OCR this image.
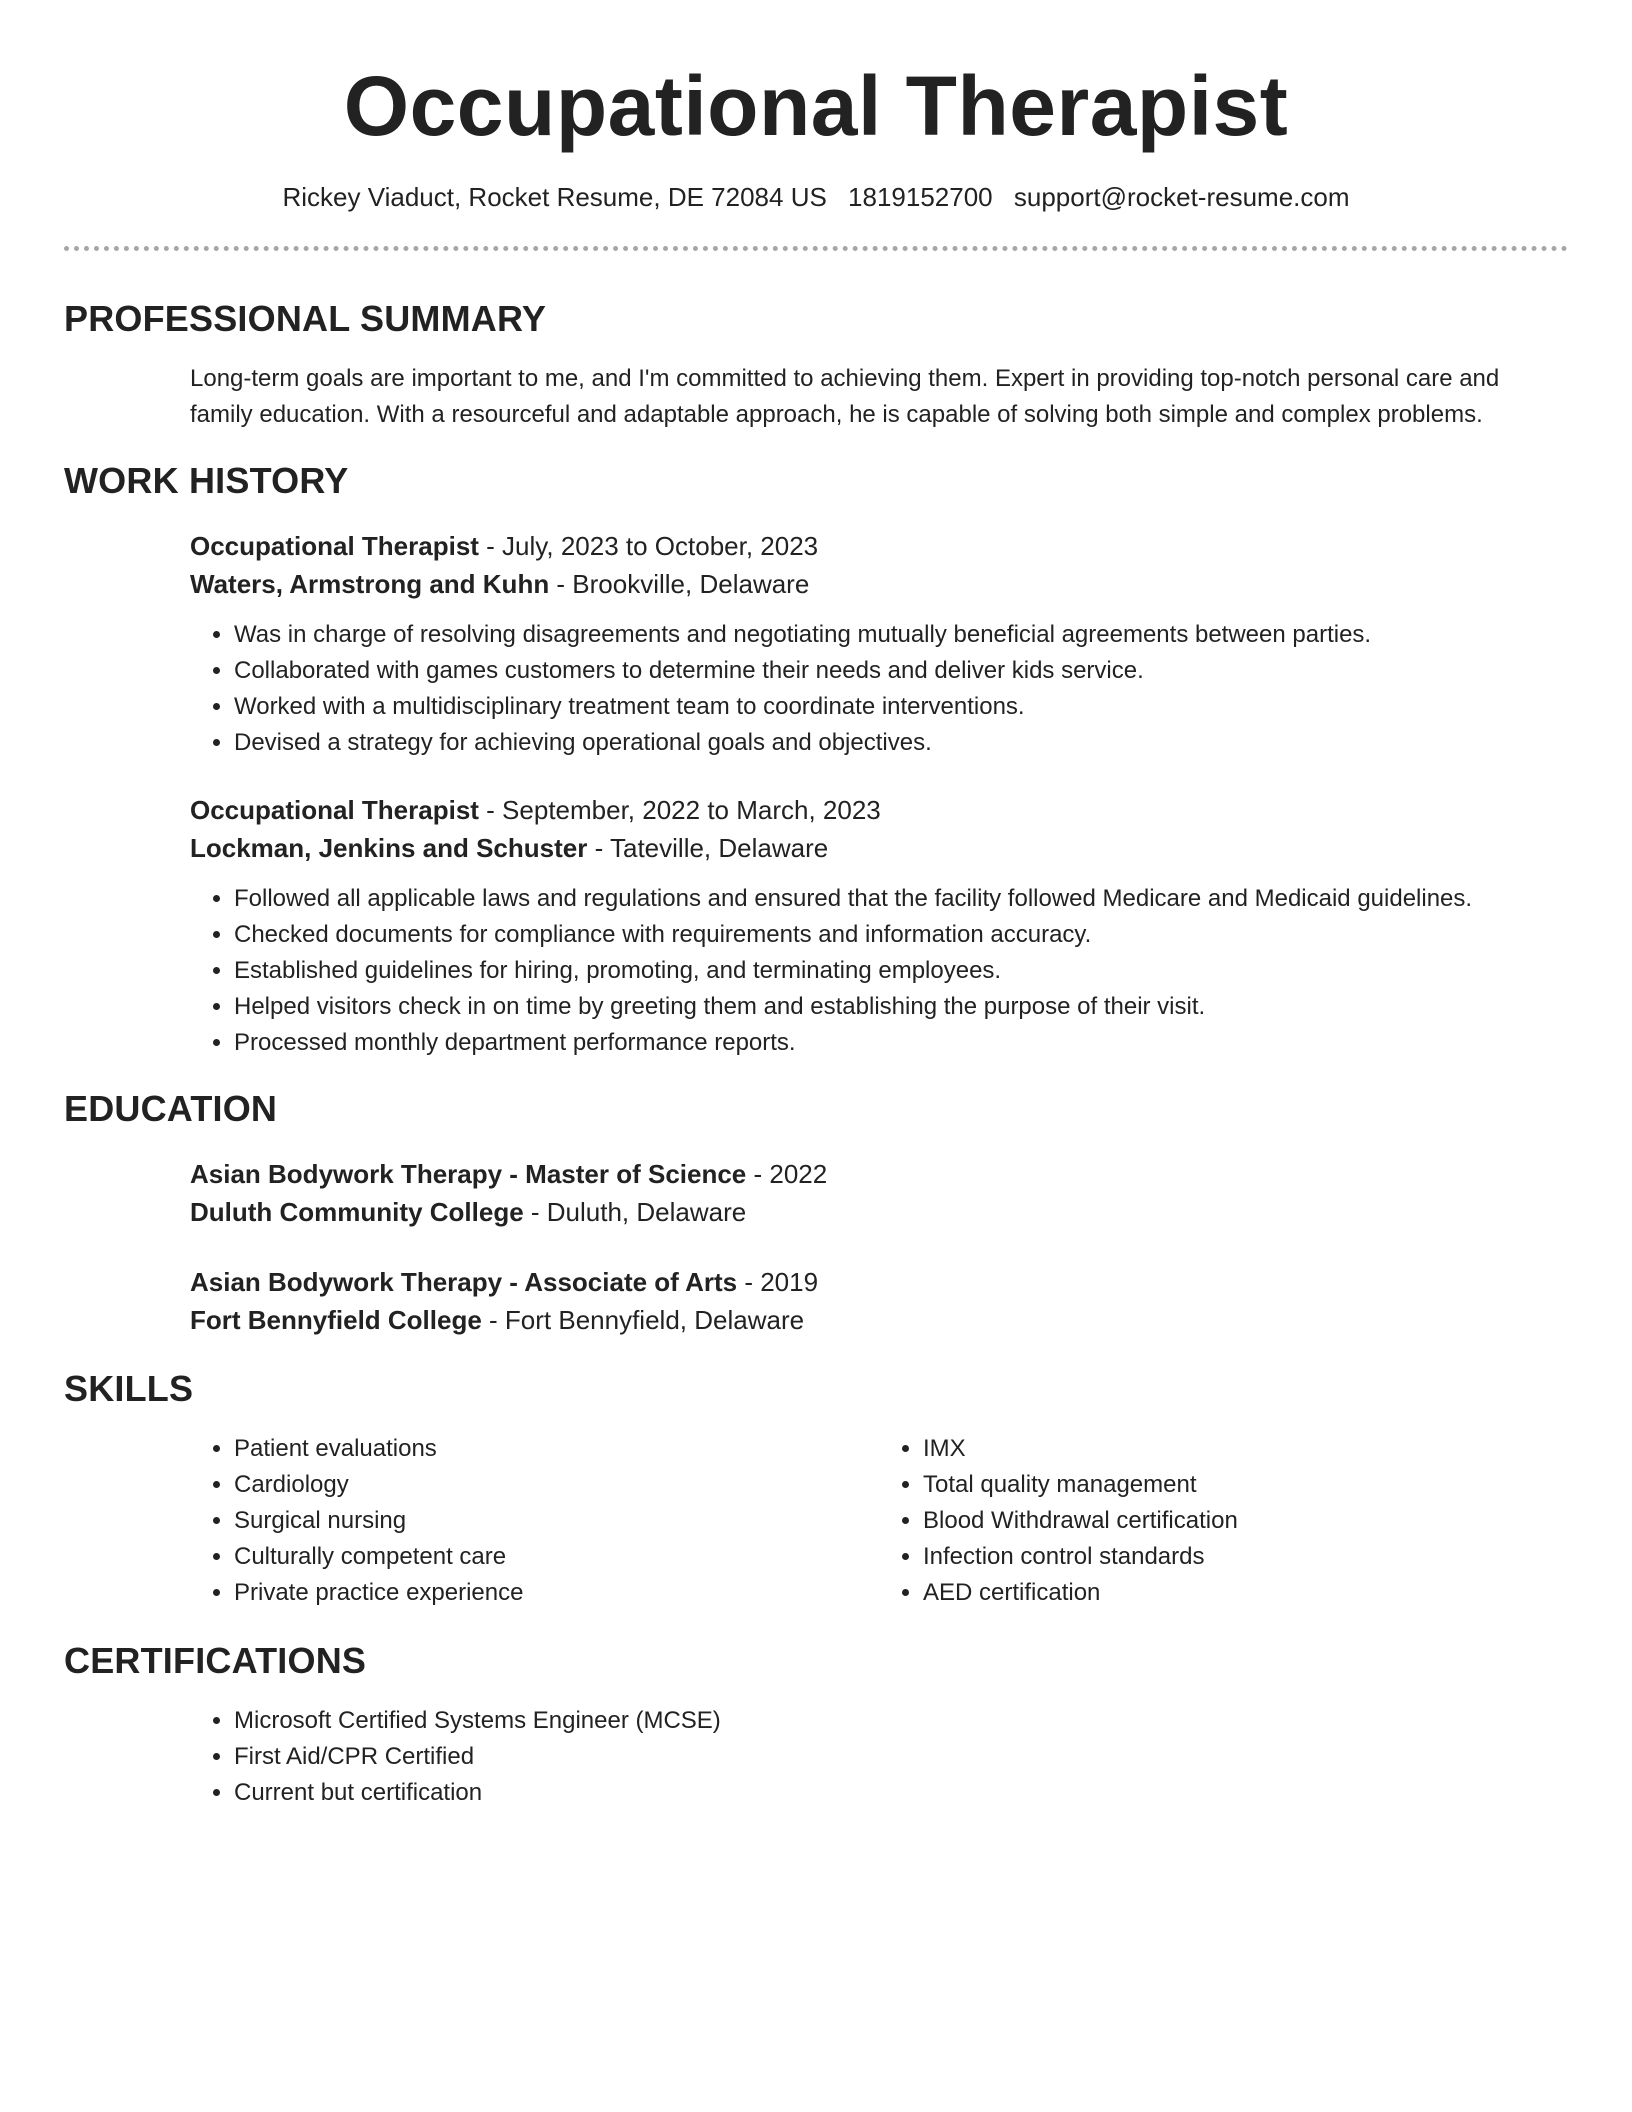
Occupational Therapist
Rickey Viaduct, Rocket Resume, DE 72084 US 1819152700 support@rocket-resume.com
PROFESSIONAL SUMMARY

Long-term goals are important to me, and I'm committed to achieving them. Expert in providing top-notch personal care and family education. With a resourceful and adaptable approach, he is capable of solving both simple and complex problems.

WORK HISTORY
Occupational Therapist - July, 2023 to October, 2023
Waters, Armstrong and Kuhn - Brookville, Delaware
• Was in charge of resolving disagreements and negotiating mutually beneficial agreements between parties.
• Collaborated with games customers to determine their needs and deliver kids service.
• Worked with a multidisciplinary treatment team to coordinate interventions.
• Devised a strategy for achieving operational goals and objectives.
Occupational Therapist - September, 2022 to March, 2023
Lockman, Jenkins and Schuster - Tateville, Delaware
• Followed all applicable laws and regulations and ensured that the facility followed Medicare and Medicaid guidelines.
• Checked documents for compliance with requirements and information accuracy.
• Established guidelines for hiring, promoting, and terminating employees.
• Helped visitors check in on time by greeting them and establishing the purpose of their visit.
• Processed monthly department performance reports.
EDUCATION
Asian Bodywork Therapy - Master of Science - 2022
Duluth Community College - Duluth, Delaware
Asian Bodywork Therapy - Associate of Arts - 2019
Fort Bennyfield College - Fort Bennyfield, Delaware
SKILLS
• Patient evaluations
• Cardiology
• Surgical nursing
• Culturally competent care
• Private practice experience
• IMX
• Total quality management
• Blood Withdrawal certification
• Infection control standards
• AED certification
CERTIFICATIONS
• Microsoft Certified Systems Engineer (MCSE)
• First Aid/CPR Certified
• Current but certification
